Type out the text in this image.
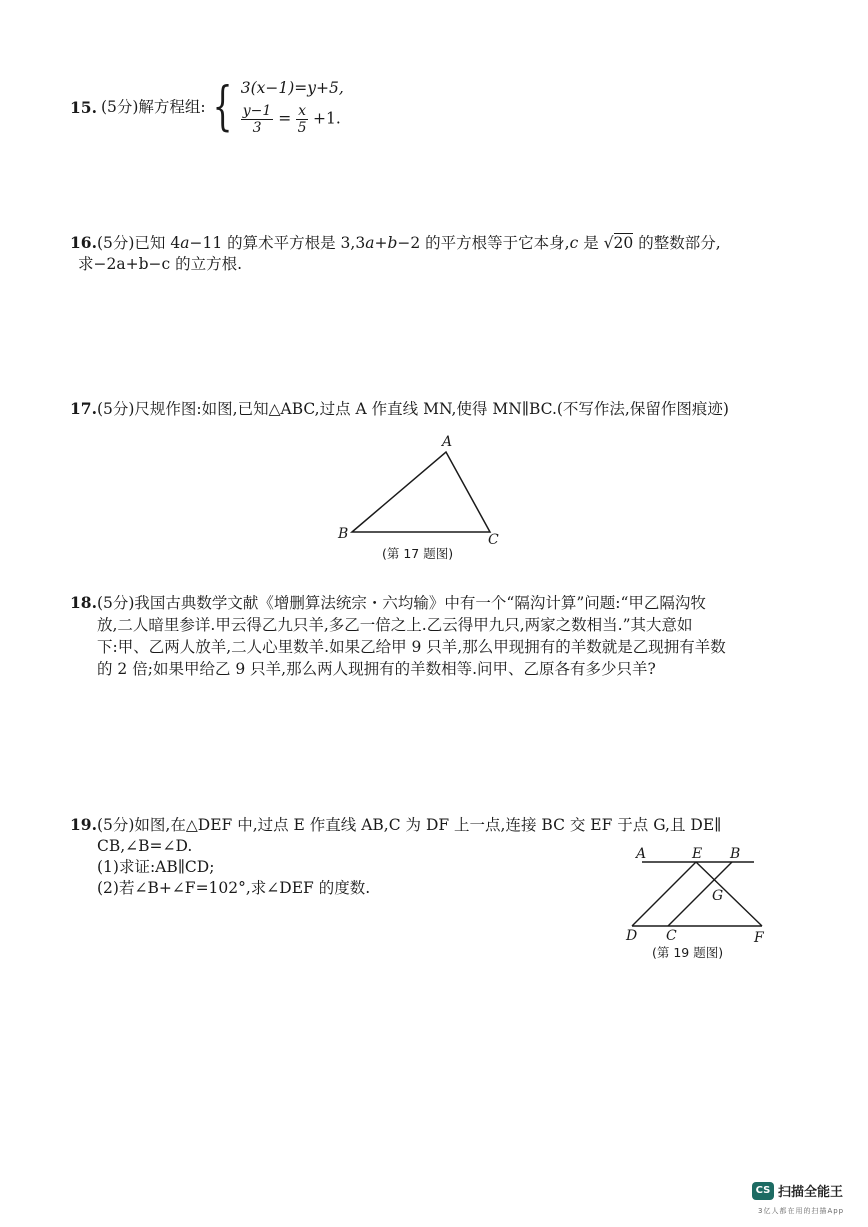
15. (5分)解方程组: { 3(x−1)=y+5,
$\frac{y-1}{3} = \frac{x}{5} +1$.

16.(5分)已知 4a−11 的算术平方根是 3,3a+b−2 的平方根等于它本身,c 是 √20 的整数部分,

求−2a+b−c 的立方根.

17.(5分)尺规作图:如图,已知△ABC,过点 A 作直线 MN,使得 MN∥BC.(不写作法,保留作图痕迹)

A
B	C
(第 17 题图)

18.(5分)我国古典数学文献《增删算法统宗・六均输》中有一个“隔沟计算”问题:“甲乙隔沟牧

放,二人暗里参详.甲云得乙九只羊,多乙一倍之上.乙云得甲九只,两家之数相当.”其大意如

下:甲、乙两人放羊,二人心里数羊.如果乙给甲 9 只羊,那么甲现拥有的羊数就是乙现拥有羊数

的 2 倍;如果甲给乙 9 只羊,那么两人现拥有的羊数相等.问甲、乙原各有多少只羊?

19.(5分)如图,在△DEF 中,过点 E 作直线 AB,C 为 DF 上一点,连接 BC 交 EF 于点 G,且 DE∥

CB,∠B=∠D.

(1)求证:AB∥CD;

(2)若∠B+∠F=102°,求∠DEF 的度数.

A	E B
G
D C	F
(第 19 题图)
CS 扫描全能王
3亿人都在用的扫描App
